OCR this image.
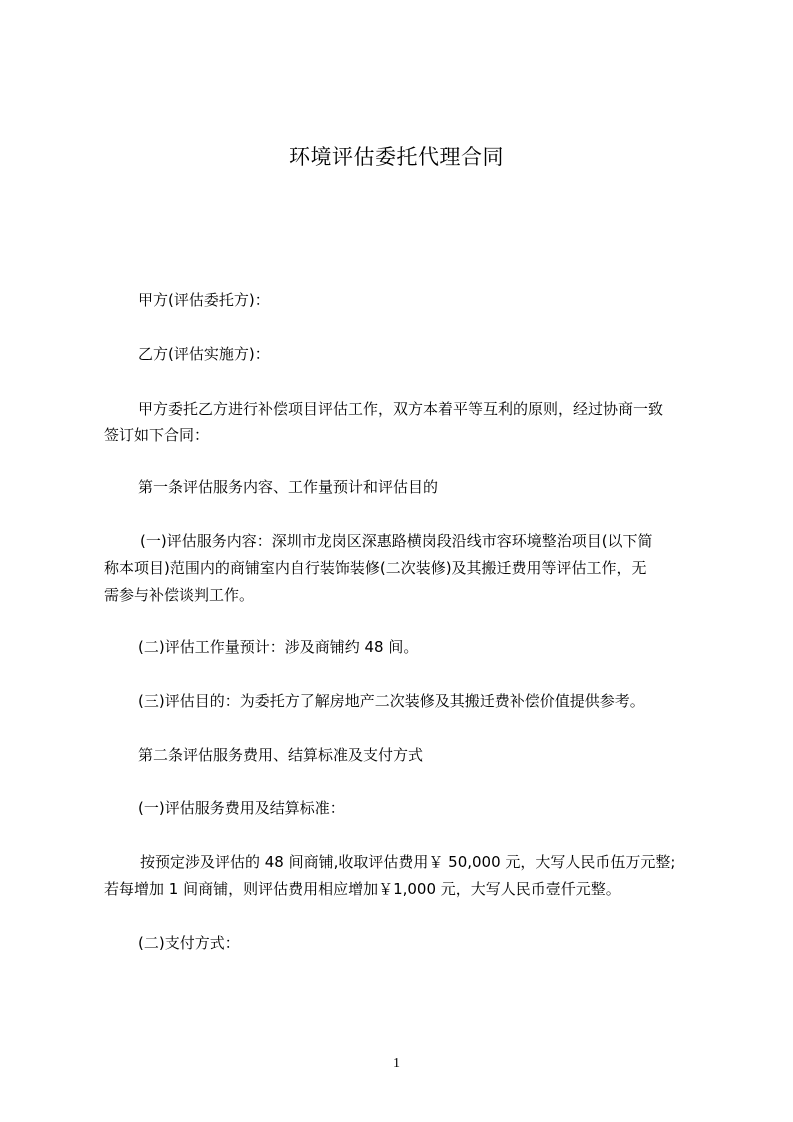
环境评估委托代理合同
甲方(评估委托方)：
乙方(评估实施方)：
甲方委托乙方进行补偿项目评估工作，双方本着平等互利的原则，经过协商一致
签订如下合同：
第一条评估服务内容、工作量预计和评估目的
(一)评估服务内容：深圳市龙岗区深惠路横岗段沿线市容环境整治项目(以下简
称本项目)范围内的商铺室内自行装饰装修(二次装修)及其搬迁费用等评估工作，无
需参与补偿谈判工作。
(二)评估工作量预计：涉及商铺约 48 间。
(三)评估目的：为委托方了解房地产二次装修及其搬迁费补偿价值提供参考。
第二条评估服务费用、结算标准及支付方式
(一)评估服务费用及结算标准：
按预定涉及评估的 48 间商铺,收取评估费用￥ 50,000 元，大写人民币伍万元整;
若每增加 1 间商铺，则评估费用相应增加￥1,000 元，大写人民币壹仟元整。
(二)支付方式：
1
